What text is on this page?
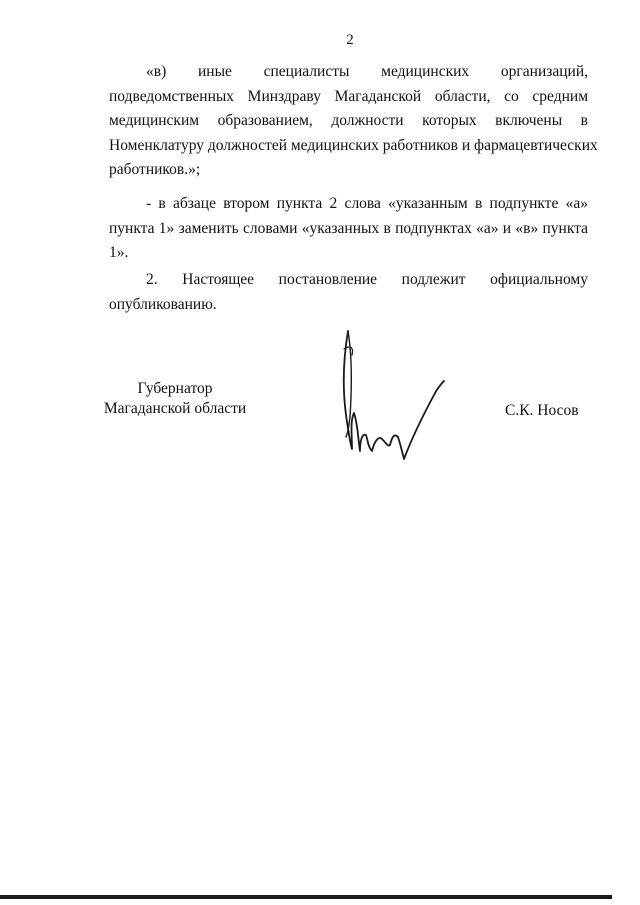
2
«в) иные специалисты медицинских организаций,
подведомственных Минздраву Магаданской области, со средним
медицинским образованием, должности которых включены в
Номенклатуру должностей медицинских работников и фармацевтических
работников.»;
- в абзаце втором пункта 2 слова «указанным в подпункте «а»
пункта 1» заменить словами «указанных в подпунктах «а» и «в» пункта
1».
2. Настоящее постановление подлежит официальному
опубликованию.
Губернатор
Магаданской области	С.К. Носов
